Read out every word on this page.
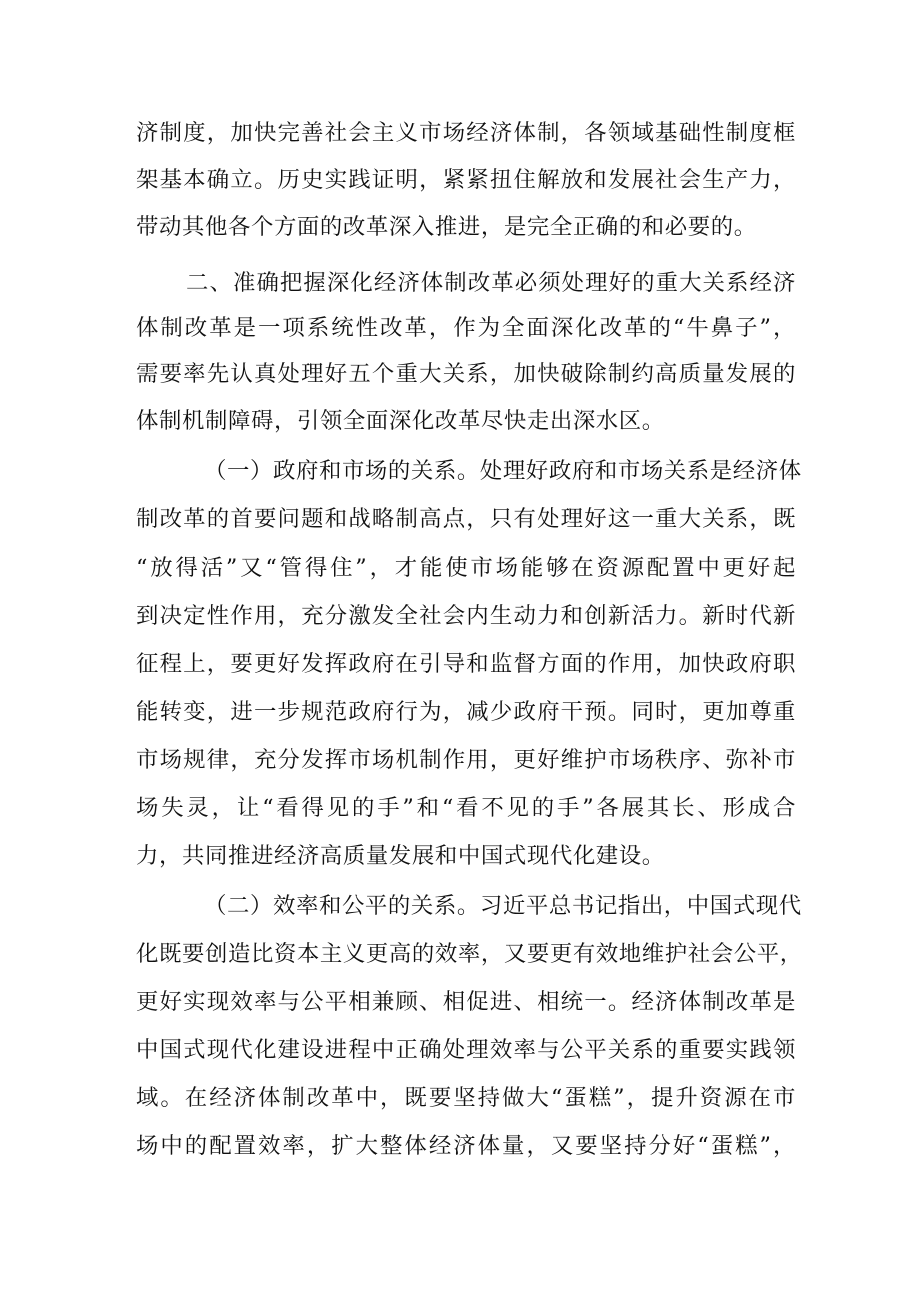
济制度，加快完善社会主义市场经济体制，各领域基础性制度框
架基本确立。历史实践证明，紧紧扭住解放和发展社会生产力，
带动其他各个方面的改革深入推进，是完全正确的和必要的。
二、准确把握深化经济体制改革必须处理好的重大关系经济
体制改革是一项系统性改革，作为全面深化改革的“牛鼻子”，
需要率先认真处理好五个重大关系，加快破除制约高质量发展的
体制机制障碍，引领全面深化改革尽快走出深水区。
（一）政府和市场的关系。处理好政府和市场关系是经济体
制改革的首要问题和战略制高点，只有处理好这一重大关系，既
“放得活”又“管得住”，才能使市场能够在资源配置中更好起
到决定性作用，充分激发全社会内生动力和创新活力。新时代新
征程上，要更好发挥政府在引导和监督方面的作用，加快政府职
能转变，进一步规范政府行为，减少政府干预。同时，更加尊重
市场规律，充分发挥市场机制作用，更好维护市场秩序、弥补市
场失灵，让“看得见的手”和“看不见的手”各展其长、形成合
力，共同推进经济高质量发展和中国式现代化建设。
（二）效率和公平的关系。习近平总书记指出，中国式现代
化既要创造比资本主义更高的效率，又要更有效地维护社会公平，
更好实现效率与公平相兼顾、相促进、相统一。经济体制改革是
中国式现代化建设进程中正确处理效率与公平关系的重要实践领
域。在经济体制改革中，既要坚持做大“蛋糕”，提升资源在市
场中的配置效率，扩大整体经济体量，又要坚持分好“蛋糕”，
